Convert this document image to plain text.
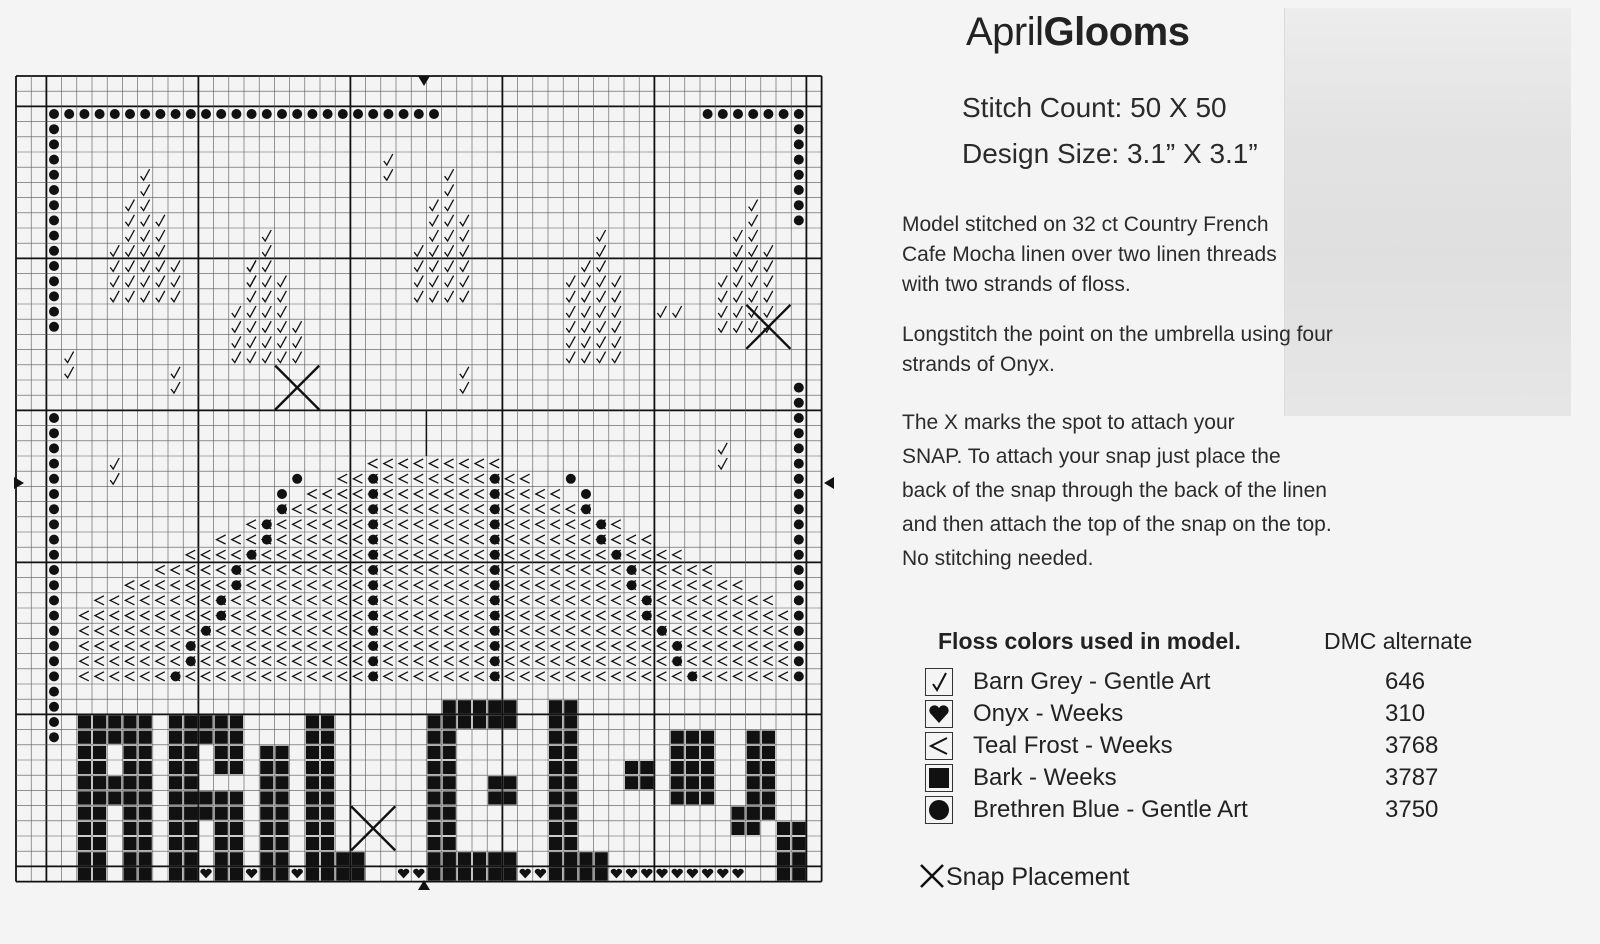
AprilGlooms
Stitch Count: 50 X 50
Design Size: 3.1” X 3.1”
Model stitched on 32 ct Country French
Cafe Mocha linen over two linen threads
with two strands of floss.
Longstitch the point on the umbrella using four
strands of Onyx.
The X marks the spot to attach your
SNAP. To attach your snap just place the
back of the snap through the back of the linen
and then attach the top of the snap on the top.
No stitching needed.
Floss colors used in model.	DMC alternate
Barn Grey - Gentle Art	646
Onyx - Weeks	310
Teal Frost - Weeks	3768
Bark - Weeks	3787
Brethren Blue - Gentle Art	3750
Snap Placement
